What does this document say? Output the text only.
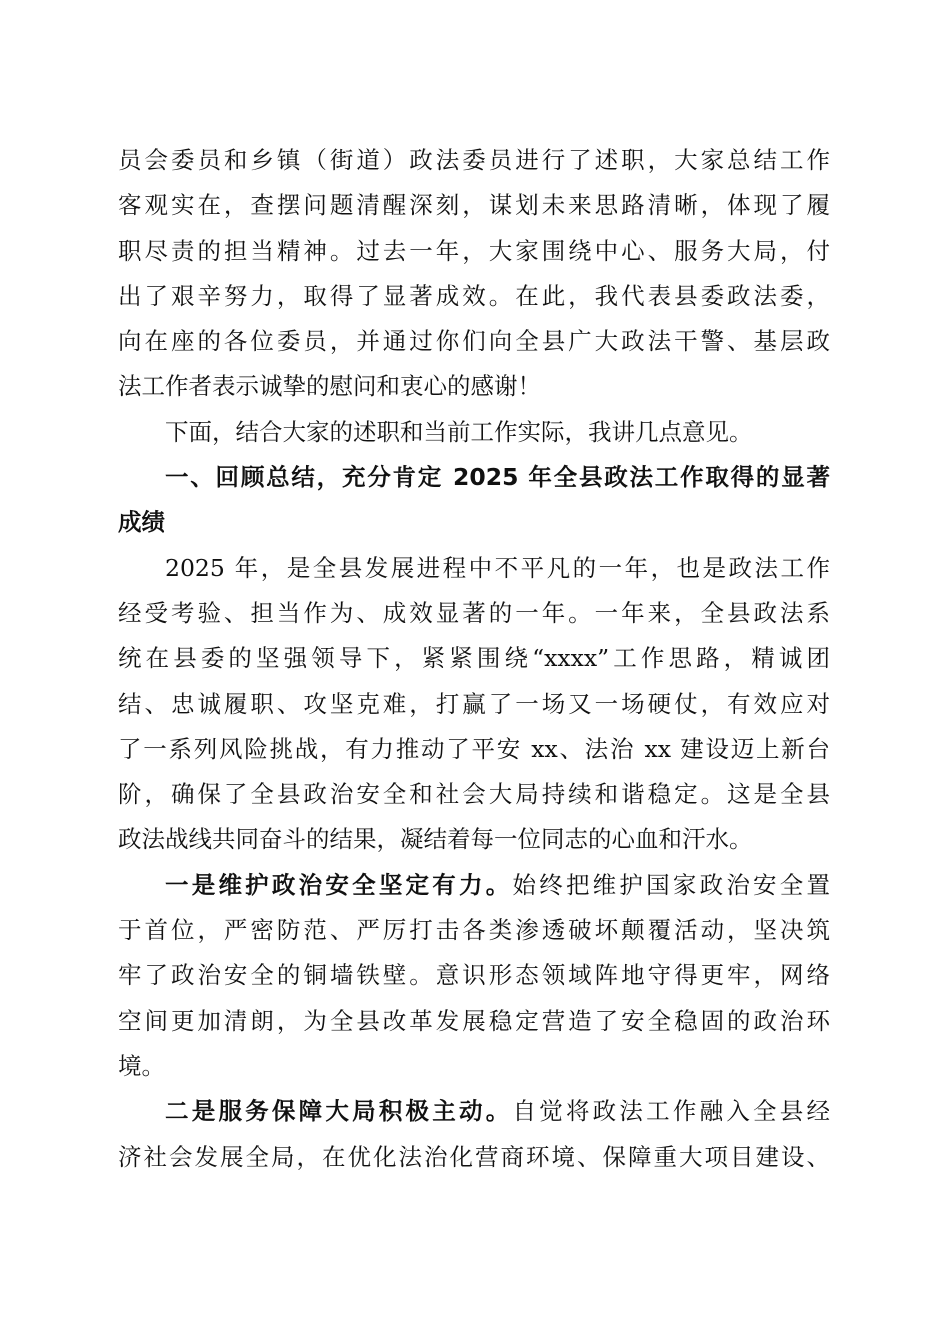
员会委员和乡镇（街道）政法委员进行了述职，大家总结工作
客观实在，查摆问题清醒深刻，谋划未来思路清晰，体现了履
职尽责的担当精神。过去一年，大家围绕中心、服务大局，付
出了艰辛努力，取得了显著成效。在此，我代表县委政法委，
向在座的各位委员，并通过你们向全县广大政法干警、基层政
法工作者表示诚挚的慰问和衷心的感谢！
下面，结合大家的述职和当前工作实际，我讲几点意见。
一、回顾总结，充分肯定 2025 年全县政法工作取得的显著
成绩
2025 年，是全县发展进程中不平凡的一年，也是政法工作
经受考验、担当作为、成效显著的一年。一年来，全县政法系
统在县委的坚强领导下，紧紧围绕“xxxx”工作思路，精诚团
结、忠诚履职、攻坚克难，打赢了一场又一场硬仗，有效应对
了一系列风险挑战，有力推动了平安 xx、法治 xx 建设迈上新台
阶，确保了全县政治安全和社会大局持续和谐稳定。这是全县
政法战线共同奋斗的结果，凝结着每一位同志的心血和汗水。
一是维护政治安全坚定有力。始终把维护国家政治安全置
于首位，严密防范、严厉打击各类渗透破坏颠覆活动，坚决筑
牢了政治安全的铜墙铁壁。意识形态领域阵地守得更牢，网络
空间更加清朗，为全县改革发展稳定营造了安全稳固的政治环
境。
二是服务保障大局积极主动。自觉将政法工作融入全县经
济社会发展全局，在优化法治化营商环境、保障重大项目建设、
